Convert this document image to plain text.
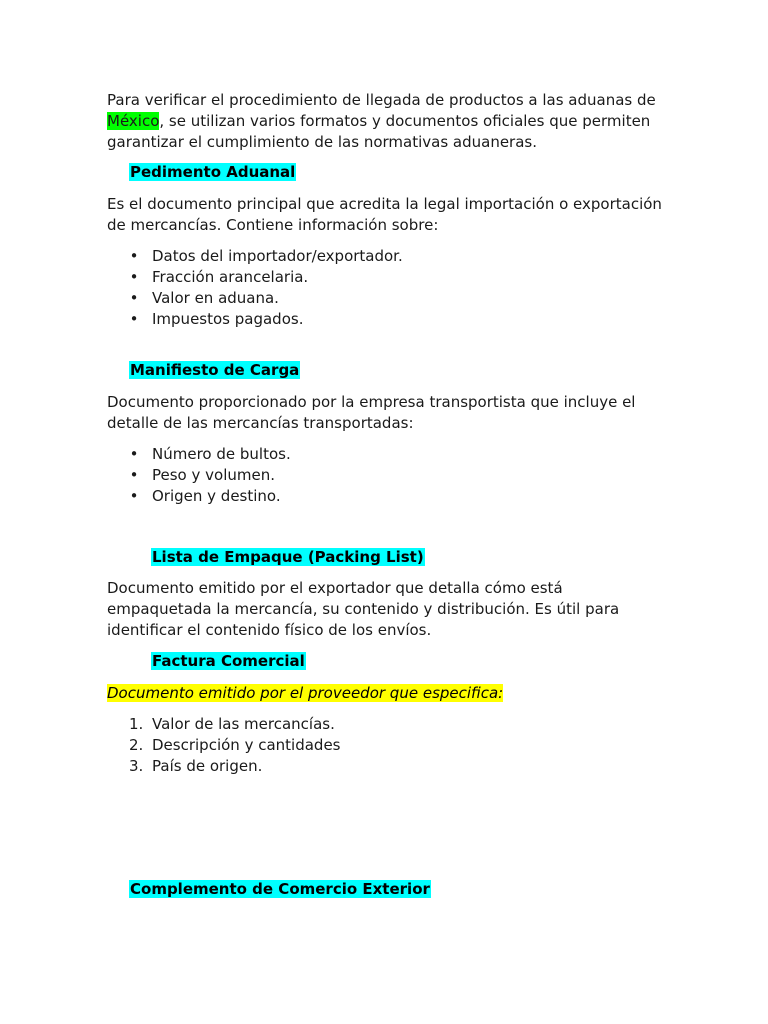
Para verificar el procedimiento de llegada de productos a las aduanas de México, se utilizan varios formatos y documentos oficiales que permiten garantizar el cumplimiento de las normativas aduaneras.

Pedimento Aduanal

Es el documento principal que acredita la legal importación o exportación de mercancías. Contiene información sobre:

• Datos del importador/exportador.
• Fracción arancelaria.
• Valor en aduana.
• Impuestos pagados.
Manifiesto de Carga

Documento proporcionado por la empresa transportista que incluye el detalle de las mercancías transportadas:

• Número de bultos.
• Peso y volumen.
• Origen y destino.
Lista de Empaque (Packing List)

Documento emitido por el exportador que detalla cómo está empaquetada la mercancía, su contenido y distribución. Es útil para identificar el contenido físico de los envíos.

Factura Comercial

Documento emitido por el proveedor que especifica:

1. Valor de las mercancías.
2. Descripción y cantidades
3. País de origen.
Complemento de Comercio Exterior
